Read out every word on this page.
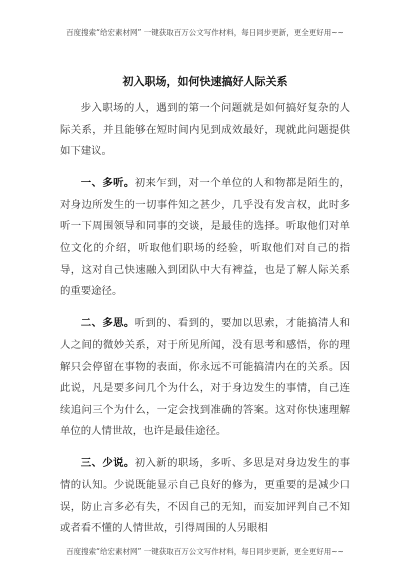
百度搜索“给宏素材网” 一键获取百万公文写作材料，每日同步更新，更全更好用~~
初入职场，如何快速搞好人际关系

步入职场的人，遇到的第一个问题就是如何搞好复杂的人际关系，并且能够在短时间内见到成效最好，现就此问题提供如下建议。

一、多听。初来乍到，对一个单位的人和物都是陌生的，对身边所发生的一切事件知之甚少，几乎没有发言权，此时多听一下周围领导和同事的交谈，是最佳的选择。听取他们对单位文化的介绍，听取他们职场的经验，听取他们对自己的指导，这对自己快速融入到团队中大有裨益，也是了解人际关系的重要途径。

二、多思。听到的、看到的，要加以思索，才能搞清人和人之间的微妙关系，对于所见所闻，没有思考和感悟，你的理解只会停留在事物的表面，你永远不可能搞清内在的关系。因此说，凡是要多问几个为什么，对于身边发生的事情，自己连续追问三个为什么，一定会找到准确的答案。这对你快速理解单位的人情世故，也许是最佳途径。

三、少说。初入新的职场，多听、多思是对身边发生的事情的认知。少说既能显示自己良好的修为，更重要的是减少口误，防止言多必有失，不因自己的无知，而妄加评判自己不知或者看不懂的人情世故，引得周围的人另眼相

百度搜索“给宏素材网” 一键获取百万公文写作材料，每日同步更新，更全更好用~~
